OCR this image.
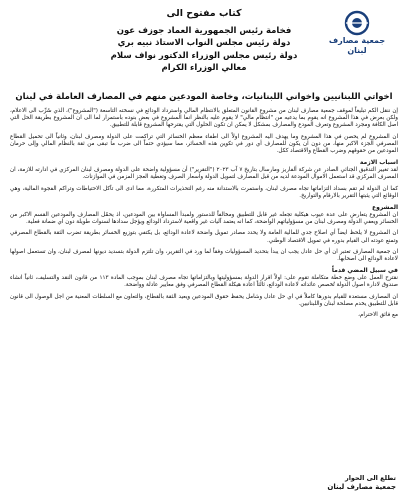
جمعية مصارف لبنان
كتاب مفتوح الى
فخامة رئيس الجمهورية العماد جوزف عون
دولة رئيس مجلس النواب الاستاذ نبيه بري
دولة رئيس مجلس الوزراء الدكتور نواف سلام
معالي الوزراء الكرام
اخواتي اللبنانيين واخواني اللبنانيات، وخاصة المودعين منهم في المصارف العاملة في لبنان

إن ننقل الكم تبليغاً لموقف جمعية مصارف لبنان من مشروع القانون المتعلق بالانتظام المالي واسترداد الودائع في نسخته التاسعة ("المشروع")، الذي سُرِّب الى الاعلام، ولكن بعرض في هذا المشروع انه يقوم بما يدعيه من "انتظام مالي" لا يقوم عليه بالنظر انما المشروع في بعض بنوده باستمرار لما الى ان المشروع بطريقة الحل التي اصل الكافة ومجرد المشروع وتعرف المودع والمصارف بمشكل لا يمكن ان تكون الحلول التي يقترحها المشروع قابلة للتطبيق.

ان المشروع لم يحصن في هذا المشروع وما يهدف اليه المشروع اولاً الى اطفاء معظم الخسائر التي تراكمت على الدولة ومصرف لبنان، وثانياً الى تحميل القطاع المصرفي الجزء الاكبر منها، من دون ان يكون للمصارف أي دور في تكوين هذه الخسائر، مما سيؤدي حتماً الى ضرب ما تبقى من ثقة بالنظام المالي وإلى حرمان المودعين من حقوقهم وضرب القطاع والاقتصاد ككل.

اسباب الازمة

لقد تغيير التدقيق الجنائي الصادر عن شركة ألفاريز ومارسال بتاريخ ٧ آب ٢٠٢٣ ("التقرير") أن مسؤولية واضحة على الدولة ومصرف لبنان المركزي في ادارته للازمة، ان المصرف المركزي قد استعمل الاموال المودعة لديه من قبل المصارف لتمويل الدولة واسعار الصرف وتغطية العجز المزمن في الموازنات.

كما ان الدولة لم تقم بسداد التزاماتها تجاه مصرف لبنان، واستمرت بالاستدانة منه رغم التحذيرات المتكررة، مما ادى الى تآكل الاحتياطات وتراكم الفجوة المالية، وهي الوقائع التي يثبتها التقرير بالارقام والتواريخ.

المشروع

ان المشروع يتعارض على عدة عيوب هيكلية تجعله غير قابل للتطبيق ومخالفاً للدستور ولمبدأ المساواة بين المودعين، اذ يحمّل المصارف والمودعين القسم الاكبر من الخسائر ويعفي الدولة ومصرف لبنان من مسؤولياتهم الواضحة، كما انه يعتمد آليات غير واقعية لاسترداد الودائع ويؤجل سدادها لسنوات طويلة دون اي ضمانة فعلية.

ان المشروع لا يلحظ ايضاً أي اصلاح جدي للمالية العامة ولا يحدد مصادر تمويل واضحة لاعادة الودائع، بل يكتفي بتوزيع الخسائر بطريقة تضرب الثقة بالقطاع المصرفي وتمنع عودته الى القيام بدوره في تمويل الاقتصاد الوطني.

ان جمعية المصارف تعتبر ان أي حل عادل يجب ان يبدأ بتحديد المسؤوليات وفقاً لما ورد في التقرير، وان تلتزم الدولة بتسديد ديونها لمصرف لبنان، وان تستعمل اصولها لاعادة الودائع الى اصحابها.

في سبيل المضي قدماً

نقترح العمل على وضع خطة متكاملة تقوم على: اولاً اقرار الدولة بمسؤوليتها وبالتزاماتها تجاه مصرف لبنان بموجب المادة ١١٣ من قانون النقد والتسليف، ثانياً انشاء صندوق لادارة اصول الدولة تُخصص عائداته لاعادة الودائع، ثالثاً اعادة هيكلة القطاع المصرفي وفق معايير عادلة وواضحة.

ان المصارف مستعدة للقيام بدورها كاملاً في اي حل عادل وشامل يحفظ حقوق المودعين ويعيد الثقة بالقطاع، والتعاون مع السلطات المعنية من اجل الوصول الى قانون قابل للتطبيق يخدم مصلحة لبنان واللبنانيين.

مع فائق الاحترام،

تطلع الى الحوار
جمعية مصارف لبنان
